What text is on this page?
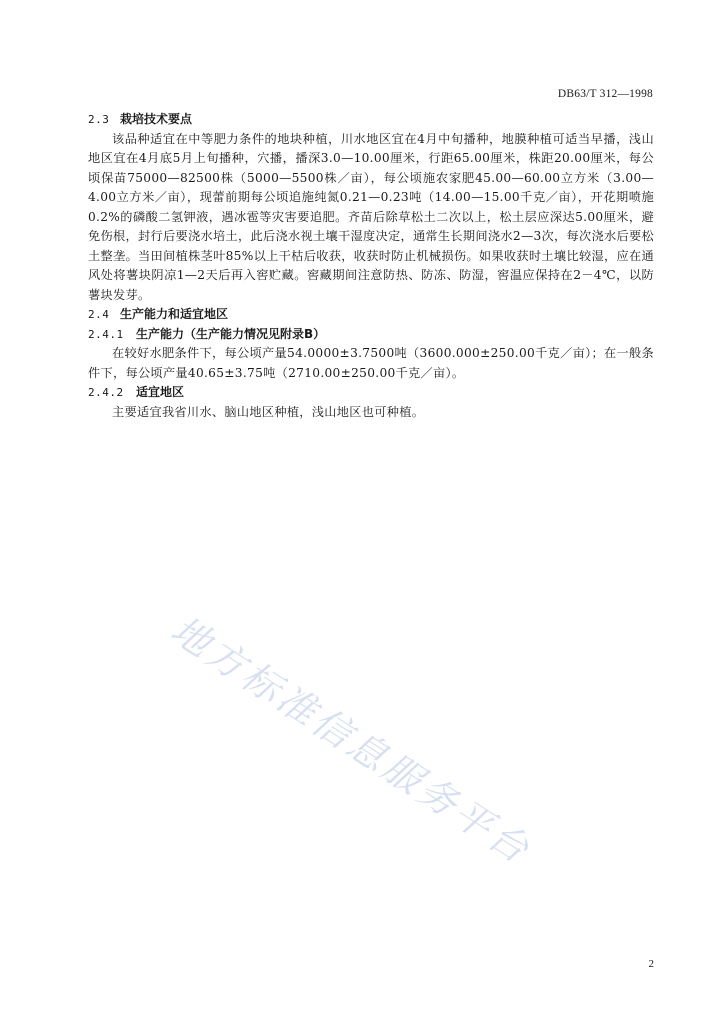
DB63/T 312—1998
2.3 栽培技术要点

该品种适宜在中等肥力条件的地块种植，川水地区宜在4月中旬播种，地膜种植可适当早播，浅山地区宜在4月底5月上旬播种，穴播，播深3.0—10.00厘米，行距65.00厘米，株距20.00厘米，每公顷保苗75000—82500株（5000—5500株／亩），每公顷施农家肥45.00—60.00立方米（3.00—4.00立方米／亩），现蕾前期每公顷追施纯氮0.21—0.23吨（14.00—15.00千克／亩），开花期喷施0.2%的磷酸二氢钾液，遇冰雹等灾害要追肥。齐苗后除草松土二次以上，松土层应深达5.00厘米，避免伤根，封行后要浇水培土，此后浇水视土壤干湿度决定，通常生长期间浇水2—3次，每次浇水后要松土整垄。当田间植株茎叶85%以上干枯后收获，收获时防止机械损伤。如果收获时土壤比较湿，应在通风处将薯块阴凉1—2天后再入窖贮藏。窖藏期间注意防热、防冻、防湿，窖温应保持在2－4℃，以防薯块发芽。

2.4 生产能力和适宜地区
2.4.1 生产能力（生产能力情况见附录B）

在较好水肥条件下，每公顷产量54.0000±3.7500吨（3600.000±250.00千克／亩）；在一般条件下，每公顷产量40.65±3.75吨（2710.00±250.00千克／亩）。

2.4.2 适宜地区

主要适宜我省川水、脑山地区种植，浅山地区也可种植。

地方标准信息服务平台
2
